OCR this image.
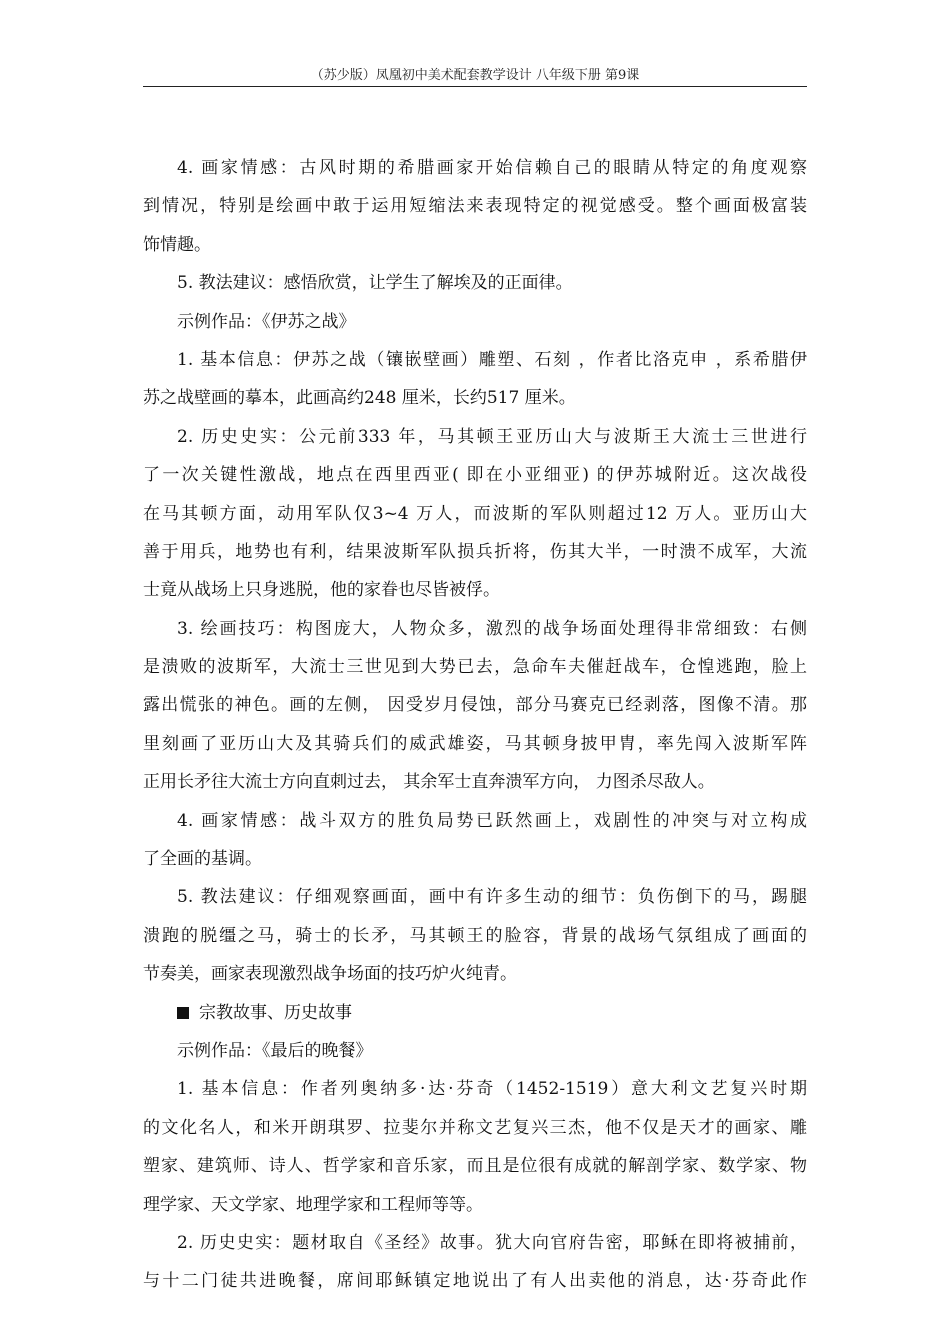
（苏少版）凤凰初中美术配套教学设计 八年级下册 第9课
4. 画家情感：古风时期的希腊画家开始信赖自己的眼睛从特定的角度观察
到情况，特别是绘画中敢于运用短缩法来表现特定的视觉感受。整个画面极富装
饰情趣。
5. 教法建议：感悟欣赏，让学生了解埃及的正面律。
示例作品：《伊苏之战》
1. 基本信息：伊苏之战（镶嵌壁画）雕塑、石刻 ，作者比洛克申 ，系希腊伊
苏之战壁画的摹本，此画高约248 厘米，长约517 厘米。
2. 历史史实：公元前333 年，马其顿王亚历山大与波斯王大流士三世进行
了一次关键性激战，地点在西里西亚( 即在小亚细亚) 的伊苏城附近。这次战役
在马其顿方面，动用军队仅3~4 万人，而波斯的军队则超过12 万人。亚历山大
善于用兵，地势也有利，结果波斯军队损兵折将，伤其大半，一时溃不成军，大流
士竟从战场上只身逃脱，他的家眷也尽皆被俘。
3. 绘画技巧：构图庞大，人物众多，激烈的战争场面处理得非常细致：右侧
是溃败的波斯军，大流士三世见到大势已去，急命车夫催赶战车，仓惶逃跑，脸上
露出慌张的神色。画的左侧， 因受岁月侵蚀，部分马赛克已经剥落，图像不清。那
里刻画了亚历山大及其骑兵们的威武雄姿，马其顿身披甲胄，率先闯入波斯军阵
正用长矛往大流士方向直刺过去， 其余军士直奔溃军方向， 力图杀尽敌人。
4. 画家情感：战斗双方的胜负局势已跃然画上，戏剧性的冲突与对立构成
了全画的基调。
5. 教法建议：仔细观察画面，画中有许多生动的细节：负伤倒下的马，踢腿
溃跑的脱缰之马，骑士的长矛，马其顿王的脸容，背景的战场气氛组成了画面的
节奏美，画家表现激烈战争场面的技巧炉火纯青。
宗教故事、历史故事
示例作品：《最后的晚餐》
1. 基本信息：作者列奥纳多·达·芬奇（1452-1519）意大利文艺复兴时期
的文化名人，和米开朗琪罗、拉斐尔并称文艺复兴三杰，他不仅是天才的画家、雕
塑家、建筑师、诗人、哲学家和音乐家，而且是位很有成就的解剖学家、数学家、物
理学家、天文学家、地理学家和工程师等等。
2. 历史史实：题材取自《圣经》故事。犹大向官府告密，耶稣在即将被捕前，
与十二门徒共进晚餐，席间耶稣镇定地说出了有人出卖他的消息，达·芬奇此作
